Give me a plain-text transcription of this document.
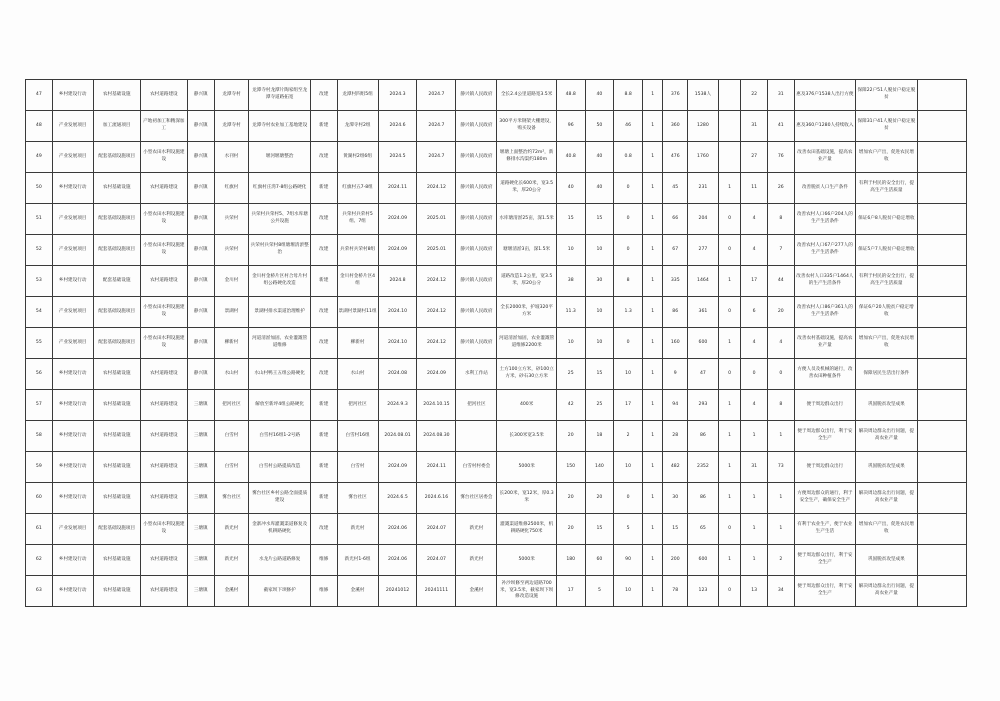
47	乡村建设行动	农村基础设施	农村道路建设	静兴镇	龙潭寺村	龙潭寺村龙潭片陶家组至龙潭寺道路拓宽	改建	龙潭村四组5组	2024.3	2024.7	静兴镇人民政府	全长2.4公里道路宽3.5米	48.8	40	8.8	1	376	1538人		22	31	惠及376户1538人出行方便	保障22户51人脱贫户稳定脱贫	
48	产业发展项目	加工流通项目	产地初加工和精深加工	静兴镇	龙潭寺村	龙潭寺村农业加工基地建设	新建	龙潭寺村2组	2024.6	2024.7	静兴镇人民政府	300平方米钢架大棚建设，购买设备	96	50	46	1	360	1280		31	41	惠及360户1280人持续收入	保障31户41人脱贫户稳定脱贫	
49	产业发展项目	配套基础设施项目	小型农田水利设施建设	静兴镇	水刊村	堰河堰塘整治	改建	黄湖村2组6组	2024.5	2024.7	静兴镇人民政府	堰塘上面整治约72m²，新修排水沟渠约180m	40.8	40	0.8	1	476	1760		27	76	改善农田基础设施，提高农业产量	增加农户产出，促进农民增收	
50	乡村建设行动	农村基础设施	农村道路建设	静兴镇	红旗村	红旗村庄湾7-8组公路硬化	新建	红旗村五7-8组	2024.11	2024.12	静兴镇人民政府	道路硬化长600米，宽3.5米，厚20公分	40	40	0	1	45	231	1	11	26	改善脱贫人口生产条件	有利于村民的安全出行，提高生产生活质量	
51	产业发展项目	配套基础设施项目	小型农田水利设施建设	静兴镇	兵荣村	兵荣村兵荣村5、7组水库塘公共设施	改建	兵荣村兵荣村5组、7组	2024.09	2025.01	静兴镇人民政府	水库塘清淤25亩，深1.5米	15	15	0	1	66	204	0	4	8	改善农村人口66户204人的生产生活条件	保证6户8人脱贫户稳定增收	
52	产业发展项目	配套基础设施项目	小型农田水利设施建设	静兴镇	兵荣村	兵荣村兵荣村8组塘堰清淤整治	改建	兵荣村兵荣村8组	2024.09	2025.01	静兴镇人民政府	塘堰清淤3亩，深1.5米	10	10	0	1	67	277	0	4	7	改善农村人口67户277人的生产生活条件	保证5户7人脱贫户稳定增收	
53	乡村建设行动	配套基础设施	农村道路建设	静兴镇	金川村	金川村金桥片区村合母片村组公路硬化改造	新建	金川村金桥片区4组	2024.8	2024.12	静兴镇人民政府	道路改造1.2公里，宽3.5米，厚20公分	38	30	8	1	335	1464	1	17	44	改善农村人口335户1464人的生产生活条件	有利于村民的安全出行，提高生产生活质量	
54	产业发展项目	配套基础设施项目	小型农田水利设施建设	静兴镇	景湖村	景湖村排水渠道治理维护	改建	景湖村景湖村11组	2024.10	2024.12	静兴镇人民政府	全长2000米，护坡320平方米	11.3	10	1.3	1	86	361	0	6	20	改善农村人口86户361人的生产生活条件	保证6户20人脱贫户稳定增收	
55	产业发展项目	配套基础设施项目	小型农田水利设施建设	静兴镇	柳新村	河道清淤加固、农业灌溉管道维修	改建	柳新村	2024.10	2024.12	静兴镇人民政府	河道清淤加固，农业灌溉管道维修2200米	10	10	0	1	160	600	1	4	4	改善农村基础设施，提高农业产量	增加农户产出，促进农民增收	
56	乡村建设行动	农村基础设施	农村道路建设	静兴镇	水山村	水山村鸭王五组公路硬化	改建	水山村	2024.08	2024.09	水利工作站	土方100立方米，砂100立方米，砂石30立方米	25	15	10	1	9	47	0	0	0	方便人员及机械的通行，改善农田种植条件	保障居民生活出行条件	
57	乡村建设行动	农村基础设施	农村道路建设	三塘镇	把河社区	解放至新坪4组公路硬化	新建	把河社区	2024.9.3	2024.10.15	把河社区	400米	42	25	17	1	94	293	1	4	8	便于周边群众出行	巩固脱贫攻坚成果	
58	乡村建设行动	农村基础设施	农村道路建设	三塘镇	白雪村	白雪村16组1-2号路	新建	白雪村16组	2024.08.01	2024.08.30		长300米宽3.5米	20	18	2	1	28	86	1	1	1	便于周边群众出行，利于安全生产	解决周边群众出行问题，提高农业产量	
59	乡村建设行动	农村基础设施	农村道路建设	三塘镇	白雪村	白雪村公路提质改造	新建	白雪村	2024.09	2024.11	白雪村村委会	5000米	150	140	10	1	482	2352	1	31	73	便于周边群众出行	巩固脱贫攻坚成果	
60	乡村建设行动	农村基础设施	农村道路建设	三塘镇	雾台社区	雾台社区乡村公路全面提质建设	新建	雾台社区	2024.6.5	2024.6.16	雾台社区居委会	长200米，宽12米，厚0.3米	20	20	0	1	30	86	1	1	1	方便周边群众的通行，利于安全生产，确保安全生产	解决周边群众出行问题，提高农业产量	
61	产业发展项目	配套基础设施项目	小型农田水利设施建设	三塘镇	新光村	金寨冲水库灌溉渠道修复及机耕路硬化	改建	新光村	2024.06	2024.07	新光村	灌溉渠道维修2500米，机耕路硬化750米	20	15	5	1	15	65	0	1	1	有利于农业生产，便于农业生产生活	增加农户产出，促进农民增收	
62	乡村建设行动	农村基础设施	农村道路建设	三塘镇	新光村	水龙片公路道路修复	维修	新光村1-6组	2024.06	2024.07	新光村	5000米	180	60	90	1	200	600	1	1	2	便于周边群众出行，利于安全生产	巩固脱贫攻坚成果	
63	乡村建设行动	农村基础设施	农村道路建设	三塘镇	金溪村	截家坝下坝修护	维修	金溪村	20241012	20241111	金溪村	补沙坝修至两边道路700米，宽3.5米，截家坝下坝修改造设施	17	5	10	1	78	123	0	13	34	便于周边群众出行，利于安全生产	解决周边群众出行问题，提高农业产量	
